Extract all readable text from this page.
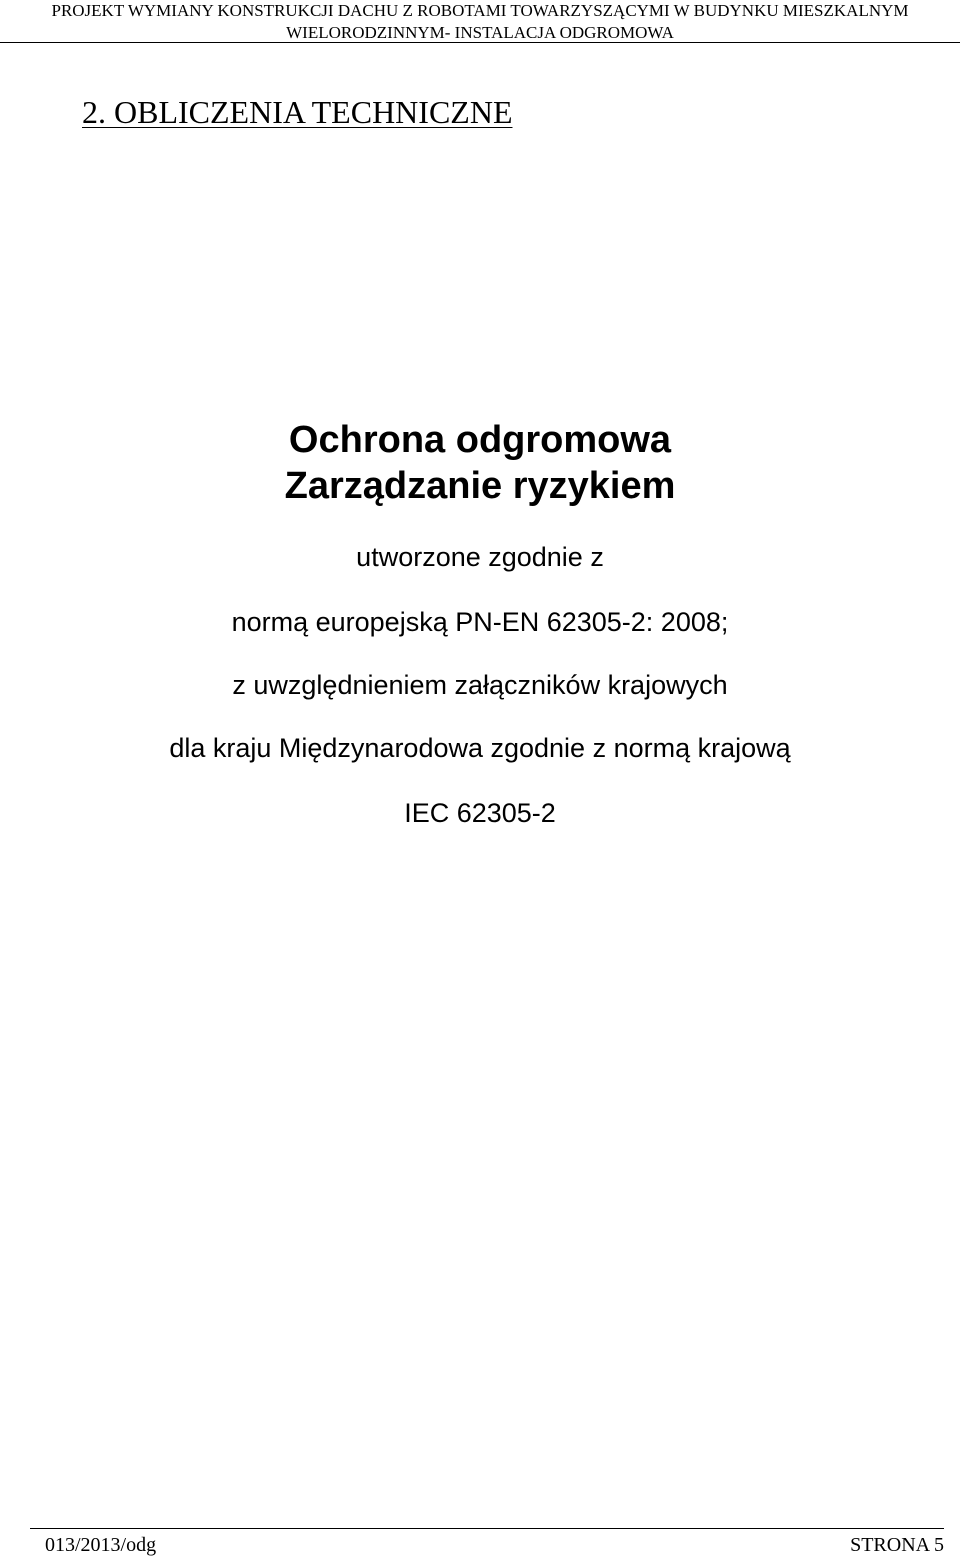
PROJEKT WYMIANY KONSTRUKCJI DACHU Z ROBOTAMI TOWARZYSZĄCYMI W BUDYNKU MIESZKALNYM
WIELORODZINNYM- INSTALACJA ODGROMOWA
2. OBLICZENIA TECHNICZNE
Ochrona odgromowa
Zarządzanie ryzykiem
utworzone zgodnie z
normą europejską PN-EN 62305-2: 2008;
z uwzględnieniem załączników krajowych
dla kraju Międzynarodowa zgodnie z normą krajową
IEC 62305-2
013/2013/odg	STRONA 5
